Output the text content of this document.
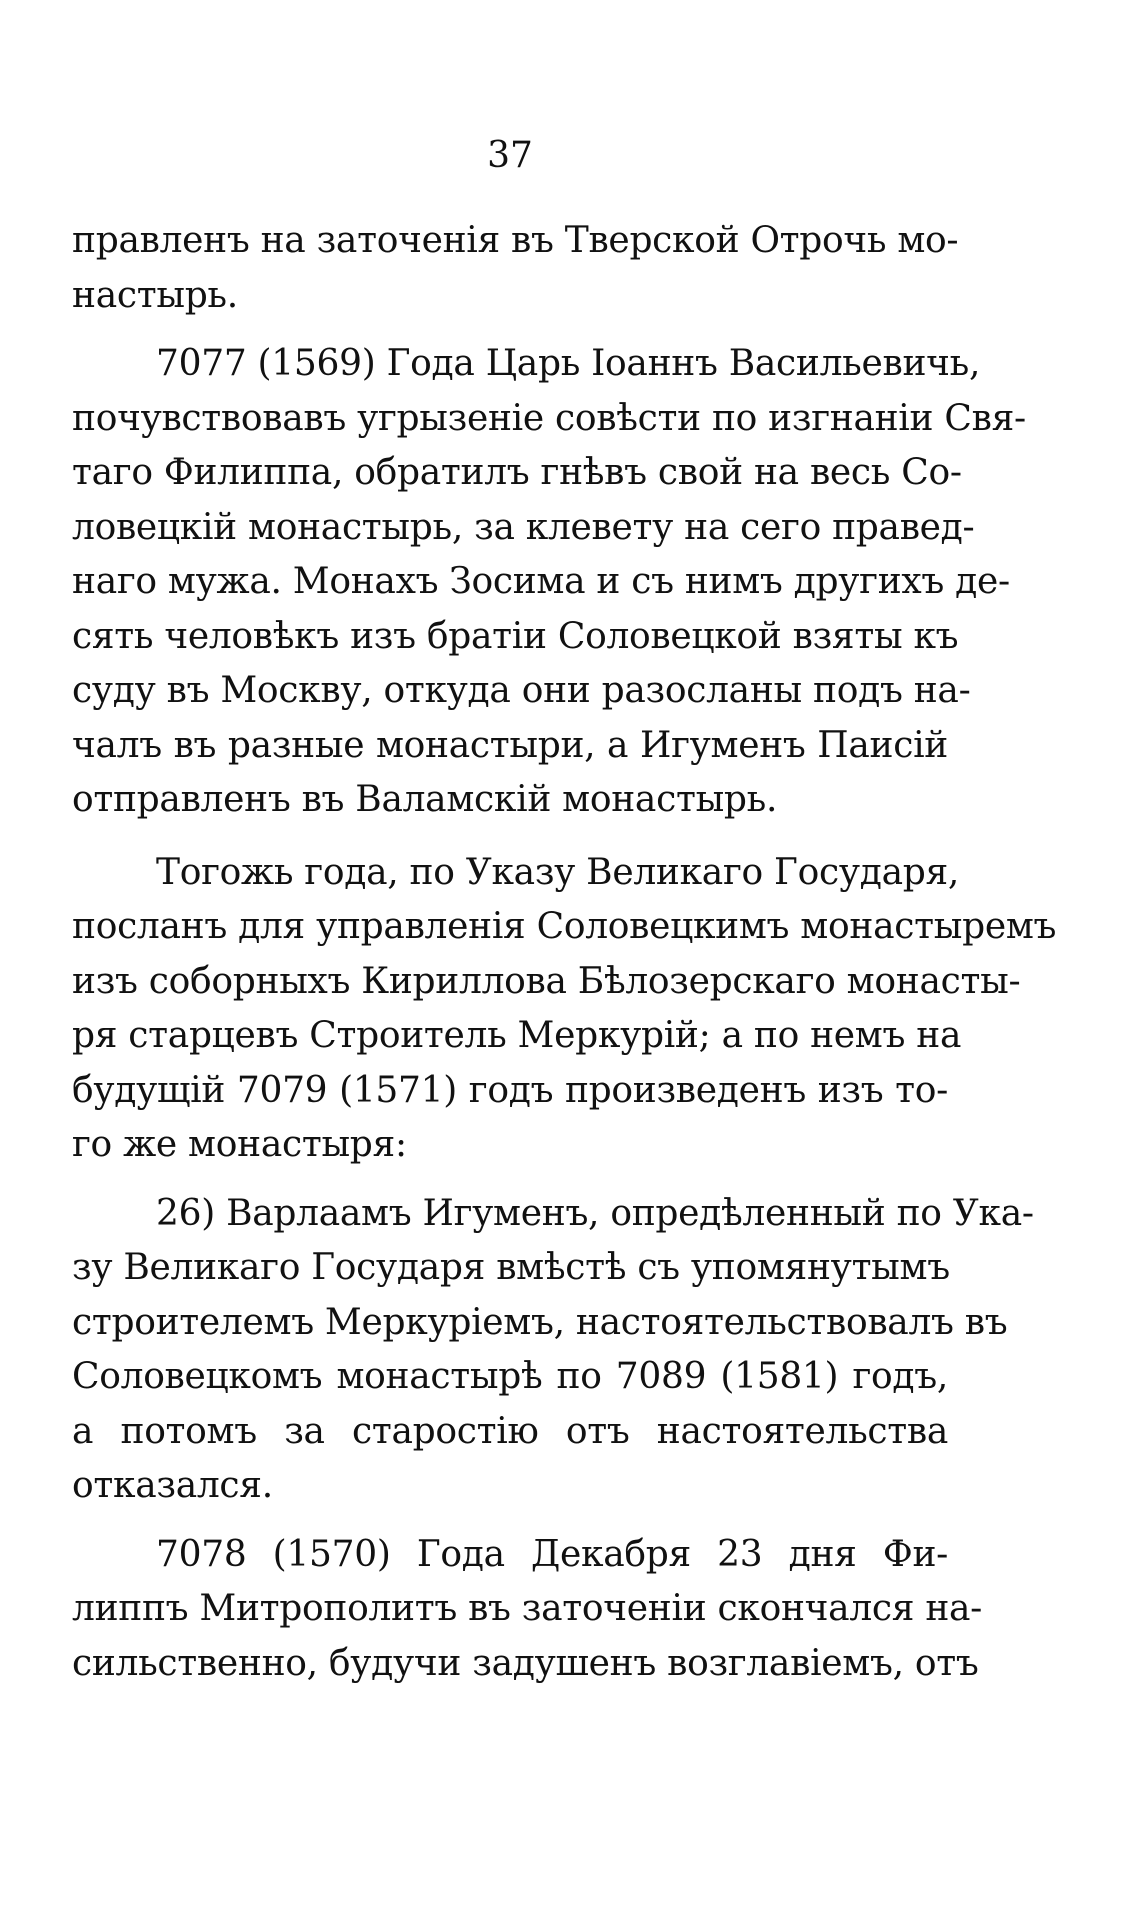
37

правленъ на заточенія въ Тверской Отрочь мо-
настырь.

7077 (1569) Года Царь Іоаннъ Васильевичь,
почувствовавъ угрызеніе совѣсти по изгнаніи Свя-
таго Филиппа, обратилъ гнѣвъ свой на весь Со-
ловецкій монастырь, за клевету на сего правед-
наго мужа. Монахъ Зосима и съ нимъ другихъ де-
сять человѣкъ изъ братіи Соловецкой взяты къ
суду въ Москву, откуда они разосланы подъ на-
чалъ въ разные монастыри, а Игуменъ Паисій
отправленъ въ Валамскій монастырь.

Тогожь года, по Указу Великаго Государя,
посланъ для управленія Соловецкимъ монастыремъ
изъ соборныхъ Кириллова Бѣлозерскаго монасты-
ря старцевъ Строитель Меркурій; а по немъ на
будущій 7079 (1571) годъ произведенъ изъ то-
го же монастыря:

26) Варлаамъ Игуменъ, опредѣленный по Ука-
зу Великаго Государя вмѣстѣ съ упомянутымъ
строителемъ Меркуріемъ, настоятельствовалъ въ
Соловецкомъ монастырѣ по 7089 (1581) годъ,
а потомъ за старостію отъ настоятельства
отказался.

7078 (1570) Года Декабря 23 дня Фи-
липпъ Митрополитъ въ заточеніи скончался на-
сильственно, будучи задушенъ возглавіемъ, отъ
